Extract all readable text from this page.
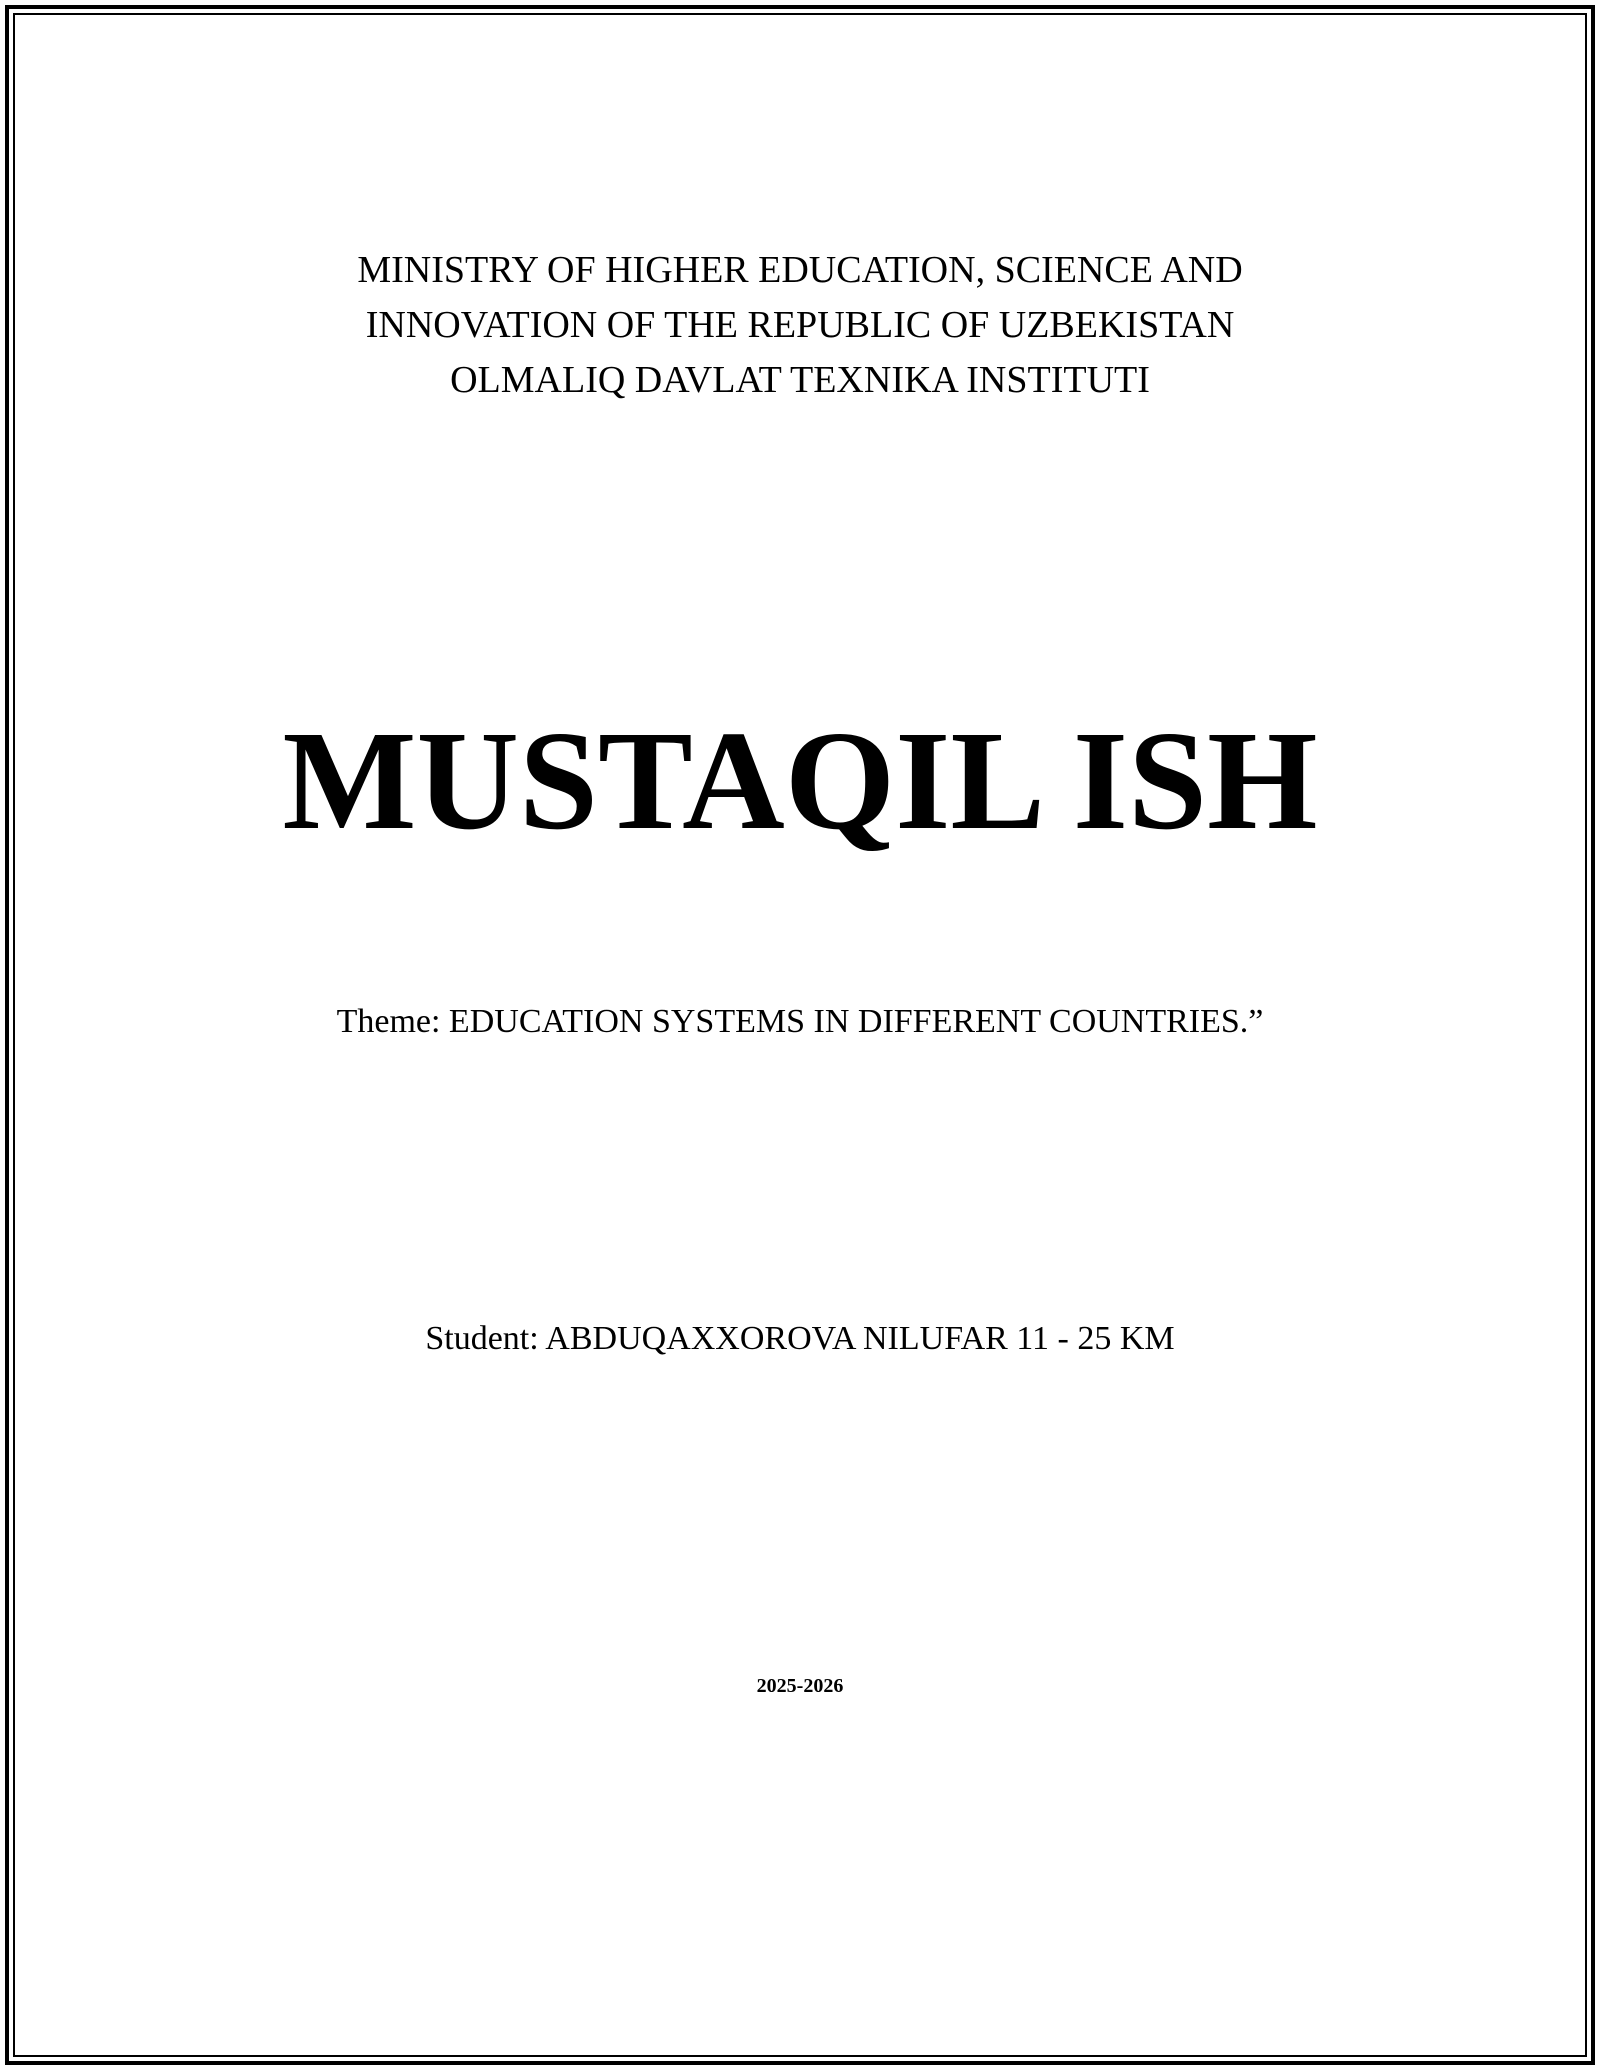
MINISTRY OF HIGHER EDUCATION, SCIENCE AND
INNOVATION OF THE REPUBLIC OF UZBEKISTAN
OLMALIQ DAVLAT TEXNIKA INSTITUTI
MUSTAQIL ISH
Theme: EDUCATION SYSTEMS IN DIFFERENT COUNTRIES.”
Student: ABDUQAXXOROVA NILUFAR 11 - 25 KM
2025-2026
